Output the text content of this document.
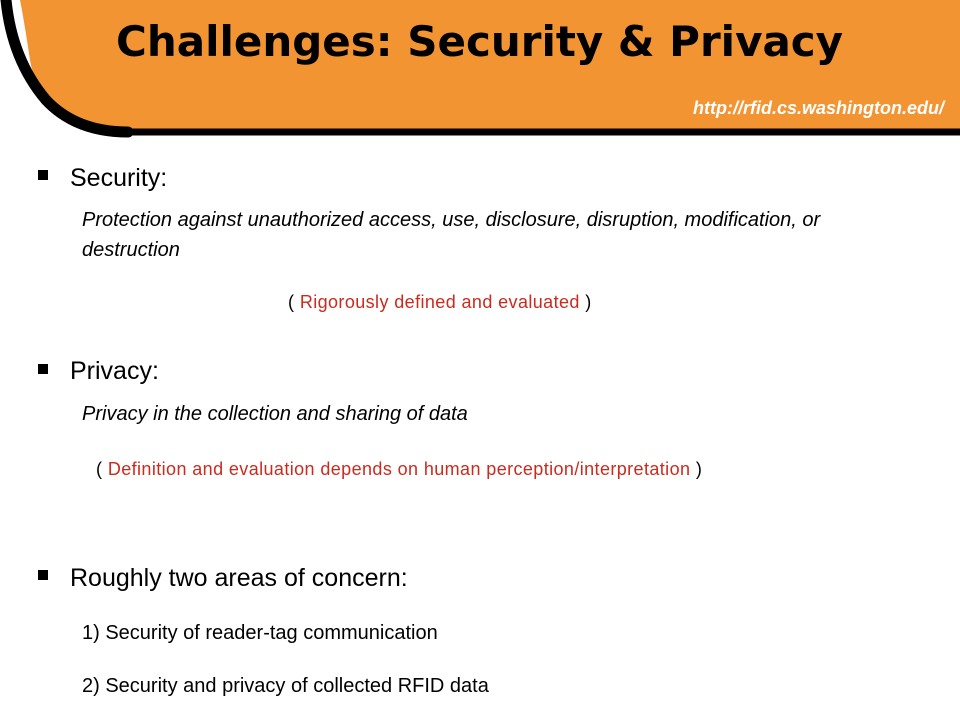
Challenges: Security & Privacy
http://rfid.cs.washington.edu/
Security:

Protection against unauthorized access, use, disclosure, disruption, modification, or destruction

( Rigorously defined and evaluated )
Privacy:

Privacy in the collection and sharing of data

( Definition and evaluation depends on human perception/interpretation )
Roughly two areas of concern:
1) Security of reader-tag communication
2) Security and privacy of collected RFID data
